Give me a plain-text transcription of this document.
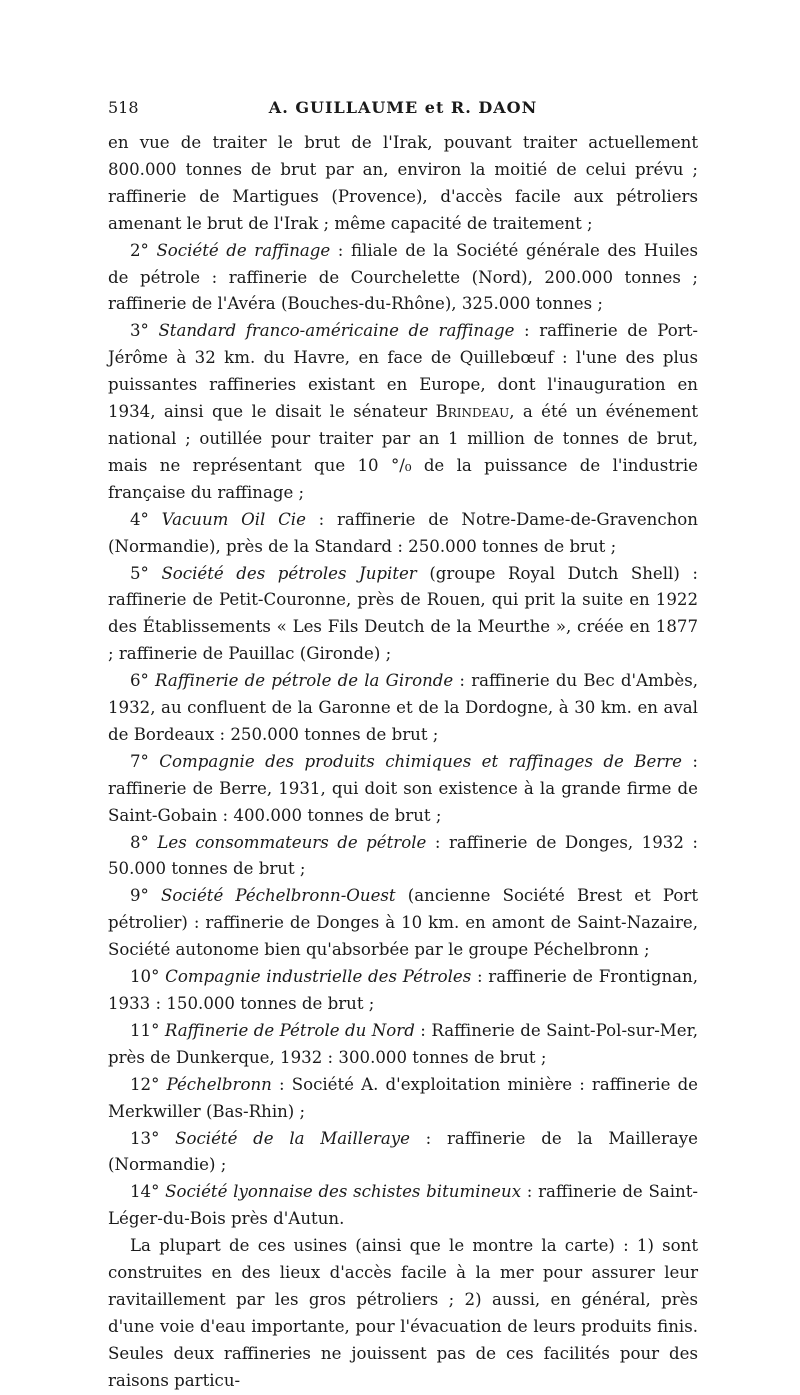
518	A. GUILLAUME et R. DAON

en vue de traiter le brut de l'Irak, pouvant traiter actuellement 800.000 tonnes de brut par an, environ la moitié de celui prévu ; raffinerie de Martigues (Provence), d'accès facile aux pétroliers amenant le brut de l'Irak ; même capacité de traitement ;

2° Société de raffinage : filiale de la Société générale des Huiles de pétrole : raffinerie de Courchelette (Nord), 200.000 tonnes ; raffinerie de l'Avéra (Bouches-du-Rhône), 325.000 tonnes ;

3° Standard franco-américaine de raffinage : raffinerie de Port-Jérôme à 32 km. du Havre, en face de Quillebœuf : l'une des plus puissantes raffineries existant en Europe, dont l'inauguration en 1934, ainsi que le disait le sénateur Brindeau, a été un événement national ; outillée pour traiter par an 1 million de tonnes de brut, mais ne représentant que 10 °/₀ de la puissance de l'industrie française du raffinage ;

4° Vacuum Oil Cie : raffinerie de Notre-Dame-de-Gravenchon (Normandie), près de la Standard : 250.000 tonnes de brut ;

5° Société des pétroles Jupiter (groupe Royal Dutch Shell) : raffinerie de Petit-Couronne, près de Rouen, qui prit la suite en 1922 des Établissements « Les Fils Deutch de la Meurthe », créée en 1877 ; raffinerie de Pauillac (Gironde) ;

6° Raffinerie de pétrole de la Gironde : raffinerie du Bec d'Ambès, 1932, au confluent de la Garonne et de la Dordogne, à 30 km. en aval de Bordeaux : 250.000 tonnes de brut ;

7° Compagnie des produits chimiques et raffinages de Berre : raffinerie de Berre, 1931, qui doit son existence à la grande firme de Saint-Gobain : 400.000 tonnes de brut ;

8° Les consommateurs de pétrole : raffinerie de Donges, 1932 : 50.000 tonnes de brut ;

9° Société Péchelbronn-Ouest (ancienne Société Brest et Port pétrolier) : raffinerie de Donges à 10 km. en amont de Saint-Nazaire, Société autonome bien qu'absorbée par le groupe Péchelbronn ;

10° Compagnie industrielle des Pétroles : raffinerie de Frontignan, 1933 : 150.000 tonnes de brut ;

11° Raffinerie de Pétrole du Nord : Raffinerie de Saint-Pol-sur-Mer, près de Dunkerque, 1932 : 300.000 tonnes de brut ;

12° Péchelbronn : Société A. d'exploitation minière : raffinerie de Merkwiller (Bas-Rhin) ;

13° Société de la Mailleraye : raffinerie de la Mailleraye (Normandie) ;

14° Société lyonnaise des schistes bitumineux : raffinerie de Saint-Léger-du-Bois près d'Autun.

La plupart de ces usines (ainsi que le montre la carte) : 1) sont construites en des lieux d'accès facile à la mer pour assurer leur ravitaillement par les gros pétroliers ; 2) aussi, en général, près d'une voie d'eau importante, pour l'évacuation de leurs produits finis. Seules deux raffineries ne jouissent pas de ces facilités pour des raisons particu-
